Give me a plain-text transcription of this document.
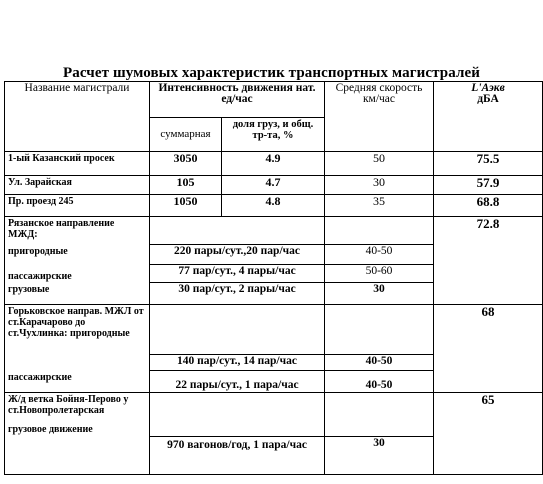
Расчет шумовых характеристик транспортных магистралей
Название магистрали	Интенсивность движения нат. ед/час		Средняя скорость км/час	L'Аэкв
дБА

	суммарная	доля груз, и общ. тр-та, %		
1-ый Казанский просек	3050	4.9	50	75.5
Ул. Зарайская	105	4.7	30	57.9
Пр. проезд 245	1050	4.8	35	68.8
Рязанское направление МЖД:				72.8
пригородные	220 пары/сут.,20 пар/час		40-50	
пассажирские	77 пар/сут., 4 пары/час		50-60	
грузовые	30 пар/сут., 2 пары/час		30	
Горьковское направ. МЖЛ от ст.Карачарово до ст.Чухлинка: пригородные				68
	140 пар/сут., 14 пар/час		40-50	
пассажирские	22 пары/сут., 1 пара/час		40-50	

Ж/д ветка Бойня-Перово у ст.Новопролетарская
грузовое движение				65
	970 вагонов/год, 1 пара/час		30	
